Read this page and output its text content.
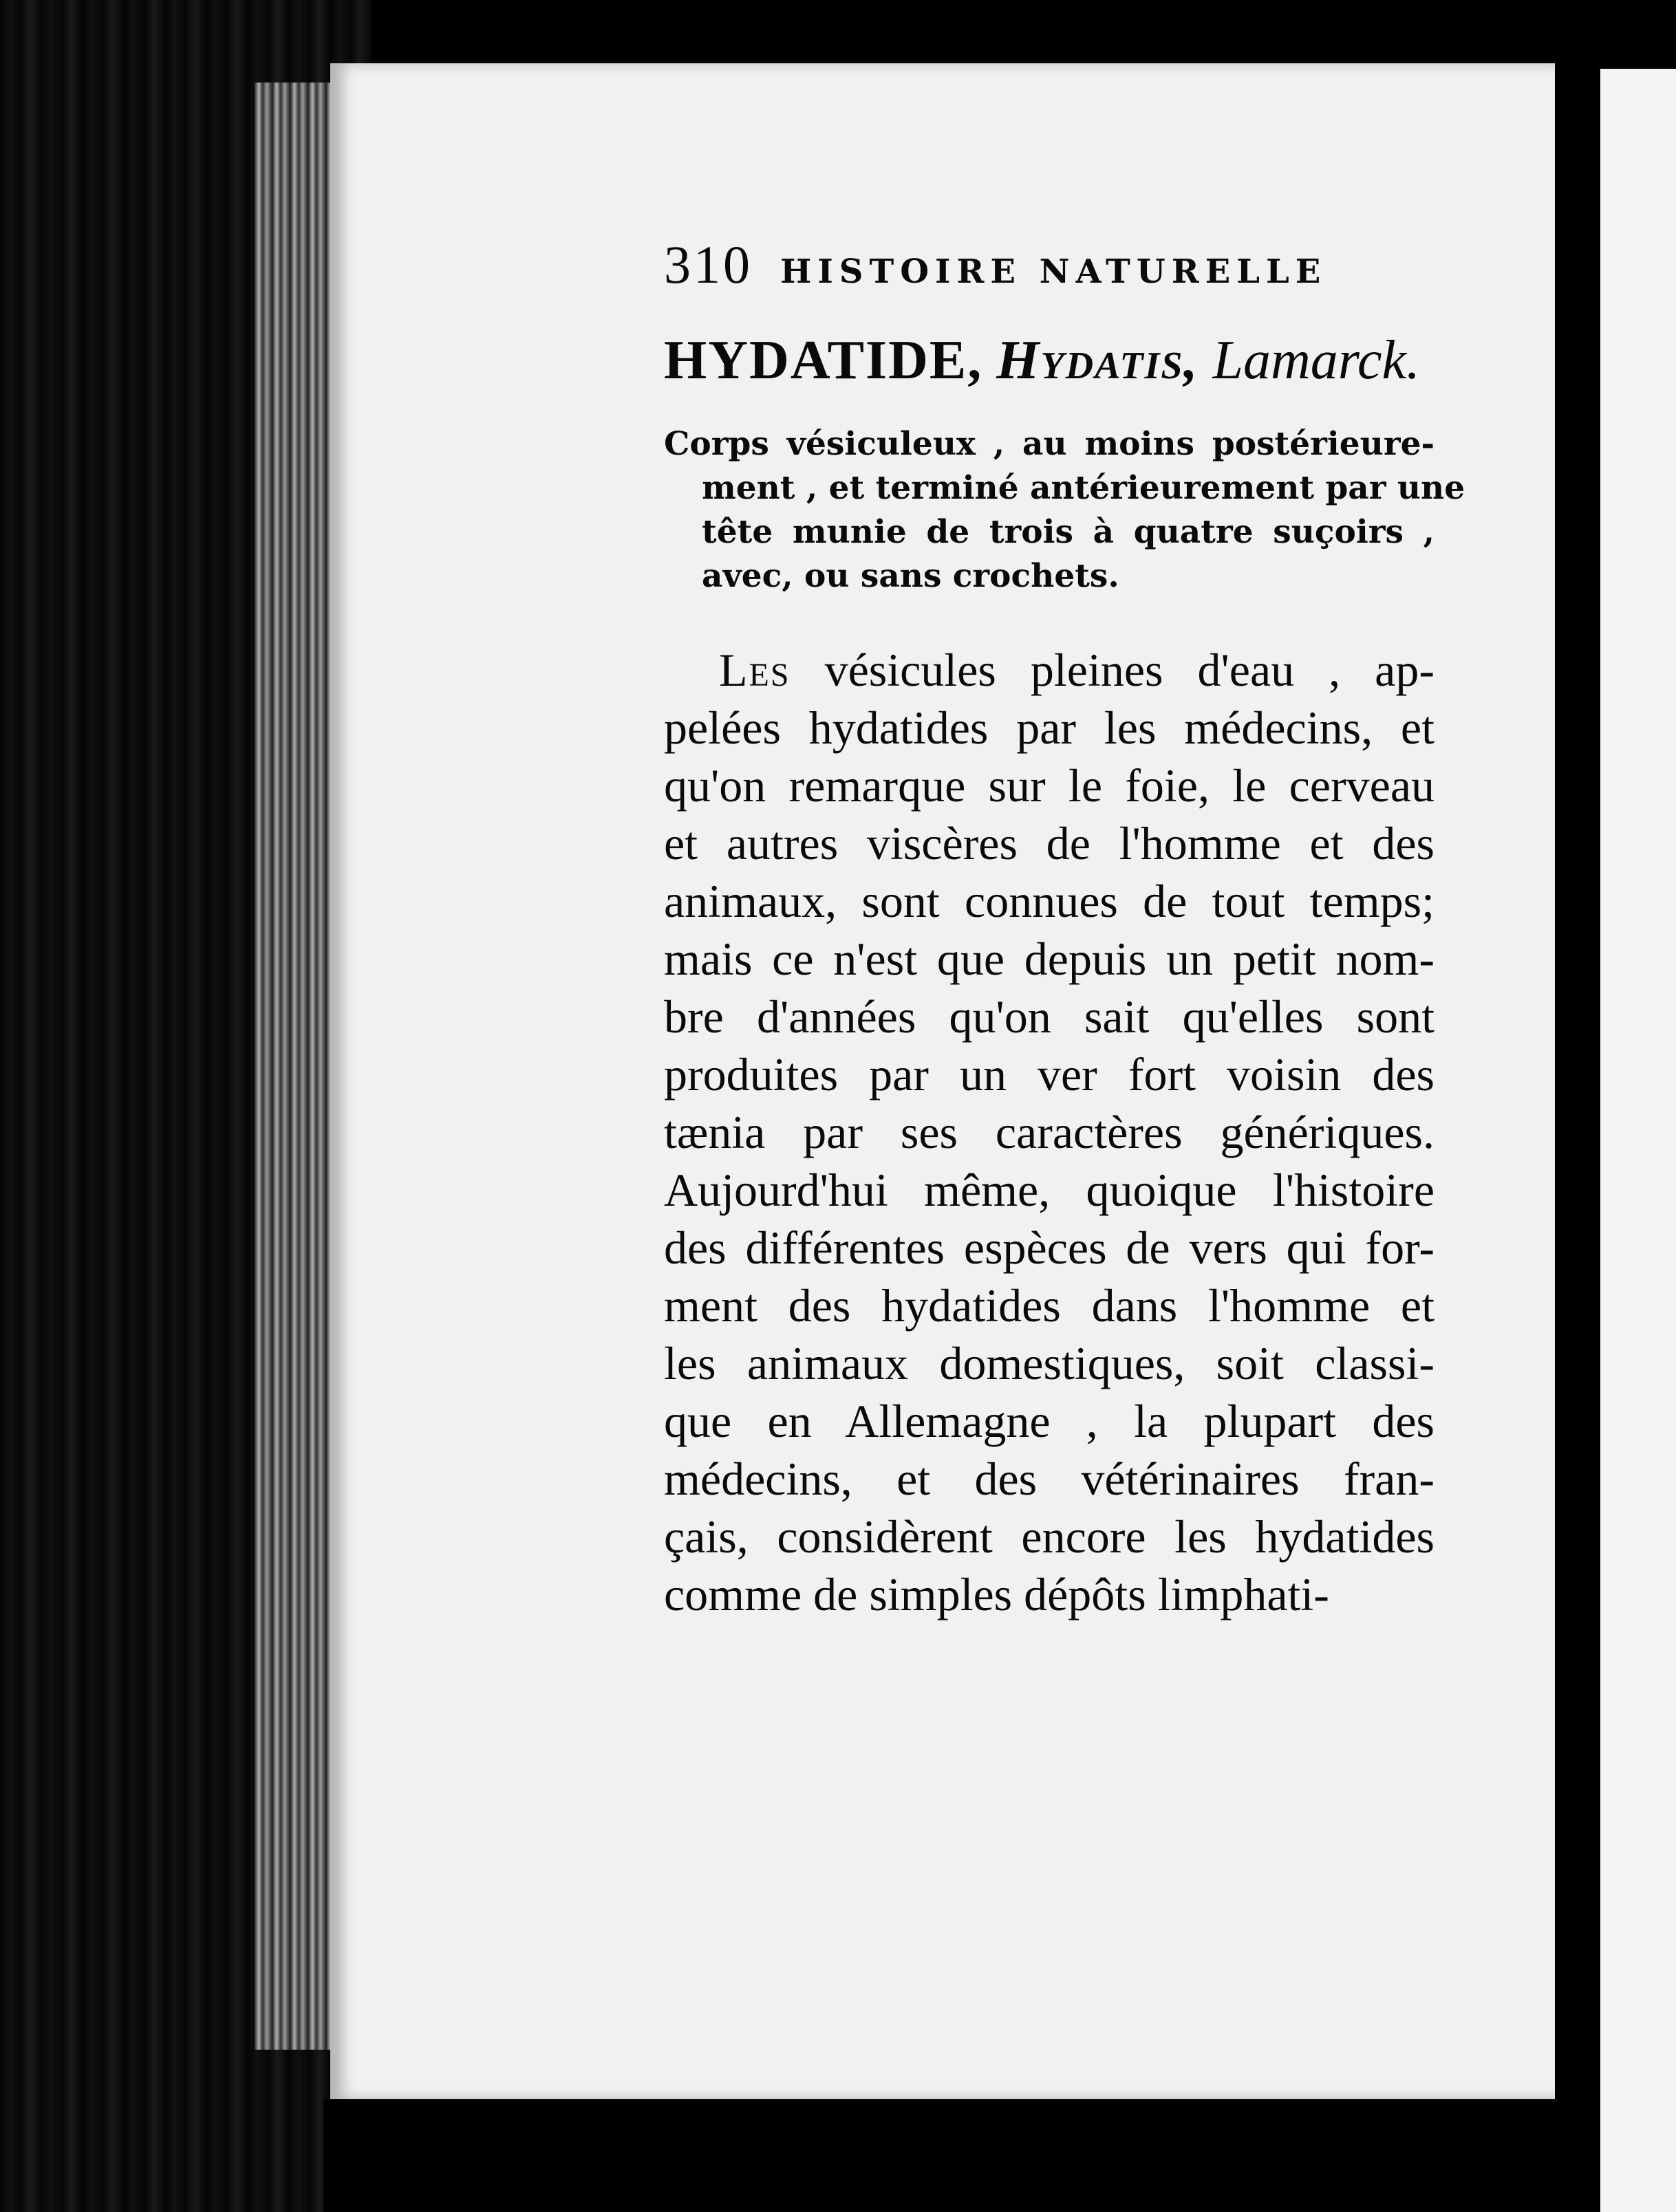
310 HISTOIRE NATURELLE
HYDATIDE, Hydatis, Lamarck.
Corps vésiculeux , au moins postérieure-
ment , et terminé antérieurement par une
tête munie de trois à quatre suçoirs ,
avec, ou sans crochets.
Les vésicules pleines d'eau , ap-
pelées hydatides par les médecins, et
qu'on remarque sur le foie, le cerveau
et autres viscères de l'homme et des
animaux, sont connues de tout temps;
mais ce n'est que depuis un petit nom-
bre d'années qu'on sait qu'elles sont
produites par un ver fort voisin des
tænia par ses caractères génériques.
Aujourd'hui même, quoique l'histoire
des différentes espèces de vers qui for-
ment des hydatides dans l'homme et
les animaux domestiques, soit classi-
que en Allemagne , la plupart des
médecins, et des vétérinaires fran-
çais, considèrent encore les hydatides
comme de simples dépôts limphati-
